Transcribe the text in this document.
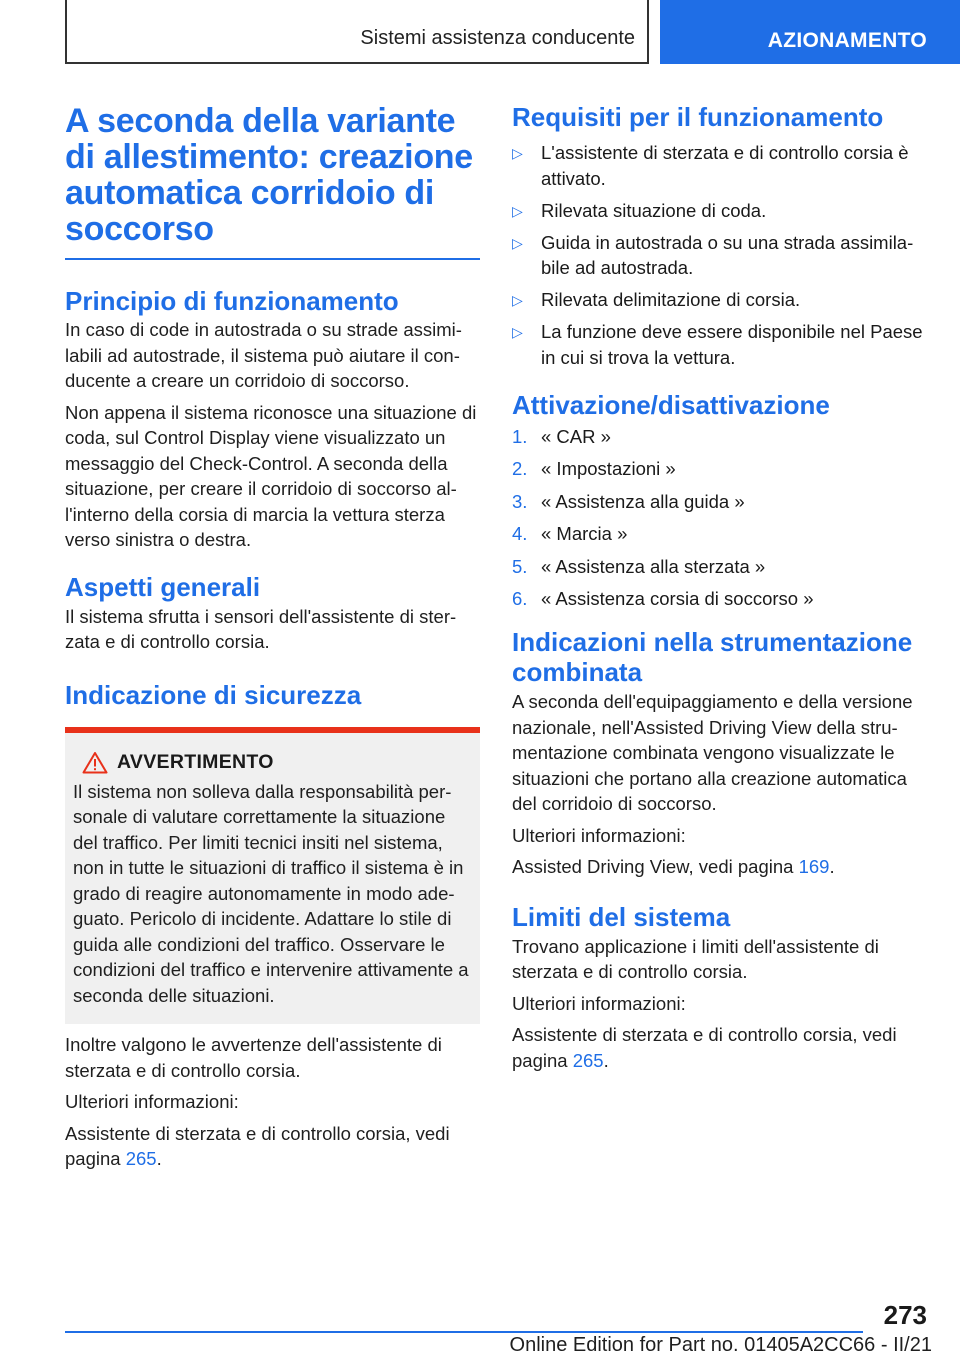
Sistemi assistenza conducente	AZIONAMENTO
A seconda della variante di allestimento: creazione automatica corridoio di soccorso
Principio di funzionamento

In caso di code in autostrada o su strade assimi-labili ad autostrade, il sistema può aiutare il con-ducente a creare un corridoio di soccorso.

Non appena il sistema riconosce una situazione di coda, sul Control Display viene visualizzato un messaggio del Check-Control. A seconda della situazione, per creare il corridoio di soccorso al-l'interno della corsia di marcia la vettura sterza verso sinistra o destra.

Aspetti generali

Il sistema sfrutta i sensori dell'assistente di ster-zata e di controllo corsia.

Indicazione di sicurezza
AVVERTIMENTO

Il sistema non solleva dalla responsabilità per-sonale di valutare correttamente la situazione del traffico. Per limiti tecnici insiti nel sistema, non in tutte le situazioni di traffico il sistema è in grado di reagire autonomamente in modo ade-guato. Pericolo di incidente. Adattare lo stile di guida alle condizioni del traffico. Osservare le condizioni del traffico e intervenire attivamente a seconda delle situazioni.

Inoltre valgono le avvertenze dell'assistente di sterzata e di controllo corsia.

Ulteriori informazioni:

Assistente di sterzata e di controllo corsia, vedi pagina 265.

Requisiti per il funzionamento
▷ L'assistente di sterzata e di controllo corsia è attivato.
▷ Rilevata situazione di coda.
▷ Guida in autostrada o su una strada assimila-bile ad autostrada.
▷ Rilevata delimitazione di corsia.
▷ La funzione deve essere disponibile nel Paese in cui si trova la vettura.
Attivazione/disattivazione
1. « CAR »
2. « Impostazioni »
3. « Assistenza alla guida »
4. « Marcia »
5. « Assistenza alla sterzata »
6. « Assistenza corsia di soccorso »
Indicazioni nella strumentazione combinata

A seconda dell'equipaggiamento e della versione nazionale, nell'Assisted Driving View della stru-mentazione combinata vengono visualizzate le situazioni che portano alla creazione automatica del corridoio di soccorso.

Ulteriori informazioni:

Assisted Driving View, vedi pagina 169.

Limiti del sistema

Trovano applicazione i limiti dell'assistente di sterzata e di controllo corsia.

Ulteriori informazioni:

Assistente di sterzata e di controllo corsia, vedi pagina 265.

273
Online Edition for Part no. 01405A2CC66 - II/21
